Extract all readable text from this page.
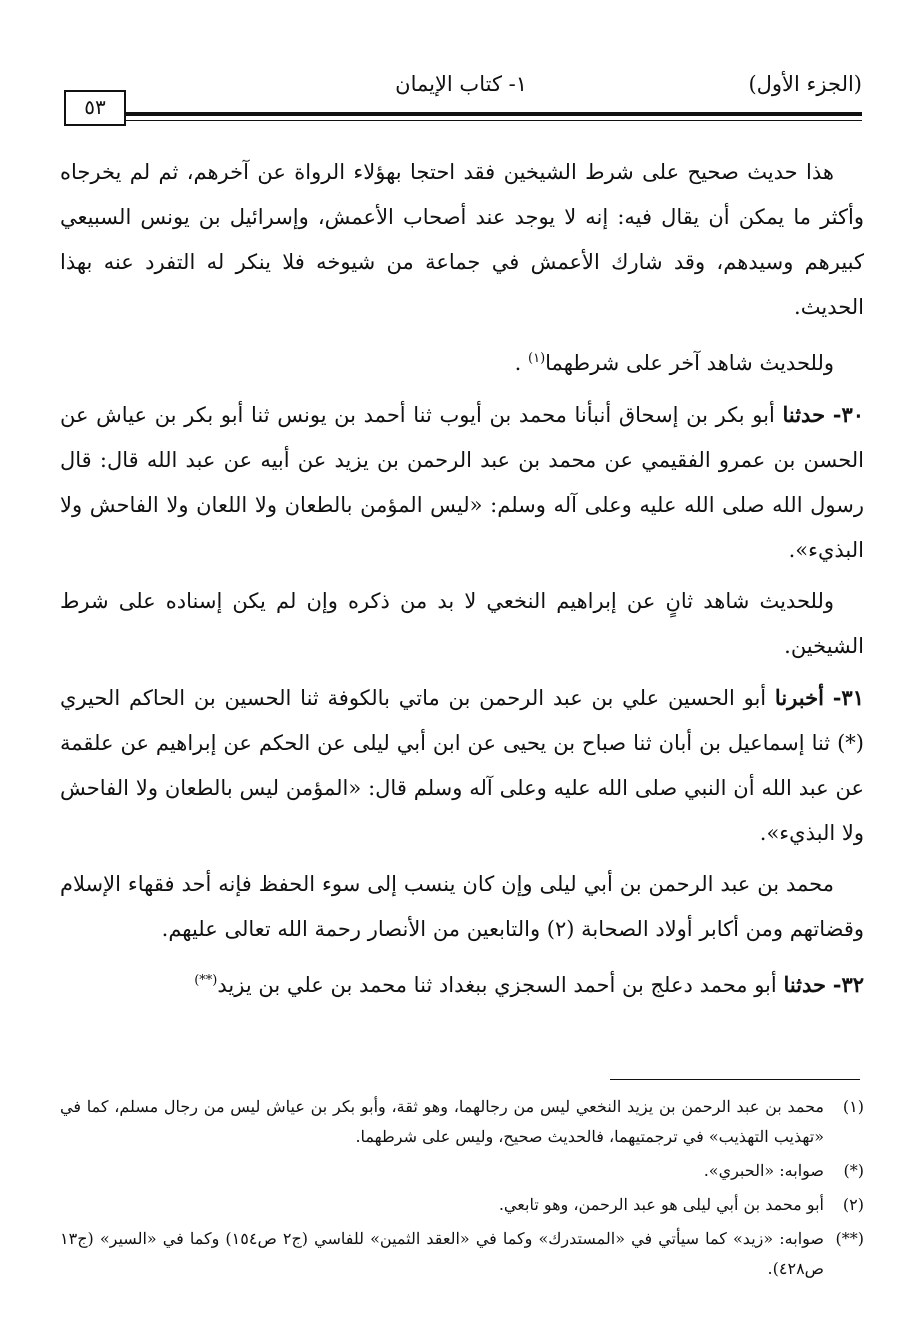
(الجزء الأول)
١- كتاب الإيمان
٥٣

هذا حديث صحيح على شرط الشيخين فقد احتجا بهؤلاء الرواة عن آخرهم، ثم لم يخرجاه وأكثر ما يمكن أن يقال فيه: إنه لا يوجد عند أصحاب الأعمش، وإسرائيل بن يونس السبيعي كبيرهم وسيدهم، وقد شارك الأعمش في جماعة من شيوخه فلا ينكر له التفرد عنه بهذا الحديث.

وللحديث شاهد آخر على شرطهما$^{(١)}$ .

٣٠- حدثنا أبو بكر بن إسحاق أنبأنا محمد بن أيوب ثنا أحمد بن يونس ثنا أبو بكر بن عياش عن الحسن بن عمرو الفقيمي عن محمد بن عبد الرحمن بن يزيد عن أبيه عن عبد الله قال: قال رسول الله صلى الله عليه وعلى آله وسلم: «ليس المؤمن بالطعان ولا اللعان ولا الفاحش ولا البذيء».

وللحديث شاهد ثانٍ عن إبراهيم النخعي لا بد من ذكره وإن لم يكن إسناده على شرط الشيخين.

٣١- أخبرنا أبو الحسين علي بن عبد الرحمن بن ماتي بالكوفة ثنا الحسين بن الحاكم الحيري (*) ثنا إسماعيل بن أبان ثنا صباح بن يحيى عن ابن أبي ليلى عن الحكم عن إبراهيم عن علقمة عن عبد الله أن النبي صلى الله عليه وعلى آله وسلم قال: «المؤمن ليس بالطعان ولا الفاحش ولا البذيء».

محمد بن عبد الرحمن بن أبي ليلى وإن كان ينسب إلى سوء الحفظ فإنه أحد فقهاء الإسلام وقضاتهم ومن أكابر أولاد الصحابة (٢) والتابعين من الأنصار رحمة الله تعالى عليهم.

٣٢- حدثنا أبو محمد دعلج بن أحمد السجزي ببغداد ثنا محمد بن علي بن يزيد(**)

(١)
محمد بن عبد الرحمن بن يزيد النخعي ليس من رجالهما، وهو ثقة، وأبو بكر بن عياش ليس من رجال مسلم، كما في «تهذيب التهذيب» في ترجمتيهما، فالحديث صحيح، وليس على شرطهما.
(*)
صوابه: «الحبري».
(٢)
أبو محمد بن أبي ليلى هو عبد الرحمن، وهو تابعي.
(**)
صوابه: «زيد» كما سيأتي في «المستدرك» وكما في «العقد الثمين» للفاسي (ج٢ ص١٥٤) وكما في «السير» (ج١٣ ص٤٢٨).
